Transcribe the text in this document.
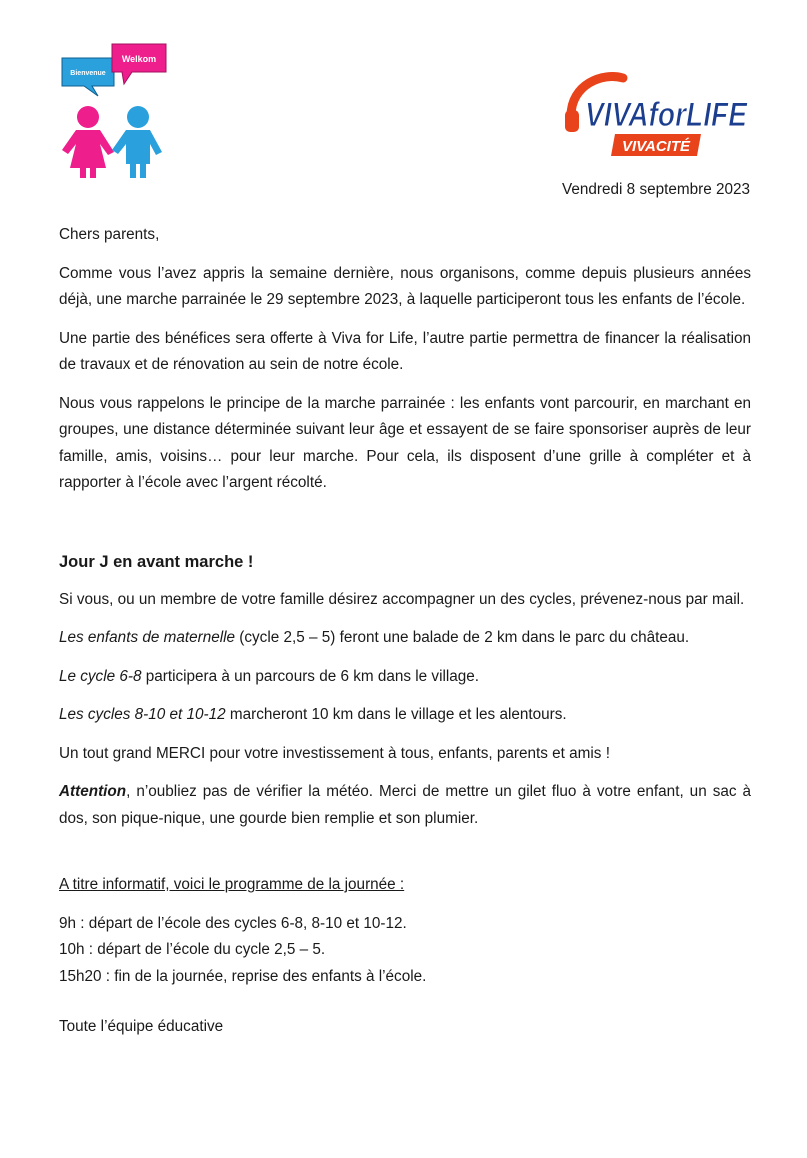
Bienvenue
Welkom
VIVAforLIFE
VIVACITÉ
Vendredi 8 septembre 2023

Chers parents,

Comme vous l’avez appris la semaine dernière, nous organisons, comme depuis plusieurs années déjà, une marche parrainée le 29 septembre 2023, à laquelle participeront tous les enfants de l’école.

Une partie des bénéfices sera offerte à Viva for Life, l’autre partie permettra de financer la réalisation de travaux et de rénovation au sein de notre école.

Nous vous rappelons le principe de la marche parrainée : les enfants vont parcourir, en marchant en groupes, une distance déterminée suivant leur âge et essayent de se faire sponsoriser auprès de leur famille, amis, voisins… pour leur marche. Pour cela, ils disposent d’une grille à compléter et à rapporter à l’école avec l’argent récolté.

Jour J en avant marche !

Si vous, ou un membre de votre famille désirez accompagner un des cycles, prévenez-nous par mail.

Les enfants de maternelle (cycle 2,5 – 5) feront une balade de 2 km dans le parc du château.

Le cycle 6-8 participera à un parcours de 6 km dans le village.

Les cycles 8-10 et 10-12 marcheront 10 km dans le village et les alentours.

Un tout grand MERCI pour votre investissement à tous, enfants, parents et amis !

Attention, n’oubliez pas de vérifier la météo. Merci de mettre un gilet fluo à votre enfant, un sac à dos, son pique-nique, une gourde bien remplie et son plumier.

A titre informatif, voici le programme de la journée :

9h : départ de l’école des cycles 6-8, 8-10 et 10-12.

10h : départ de l’école du cycle 2,5 – 5.

15h20 : fin de la journée, reprise des enfants à l’école.

Toute l’équipe éducative
